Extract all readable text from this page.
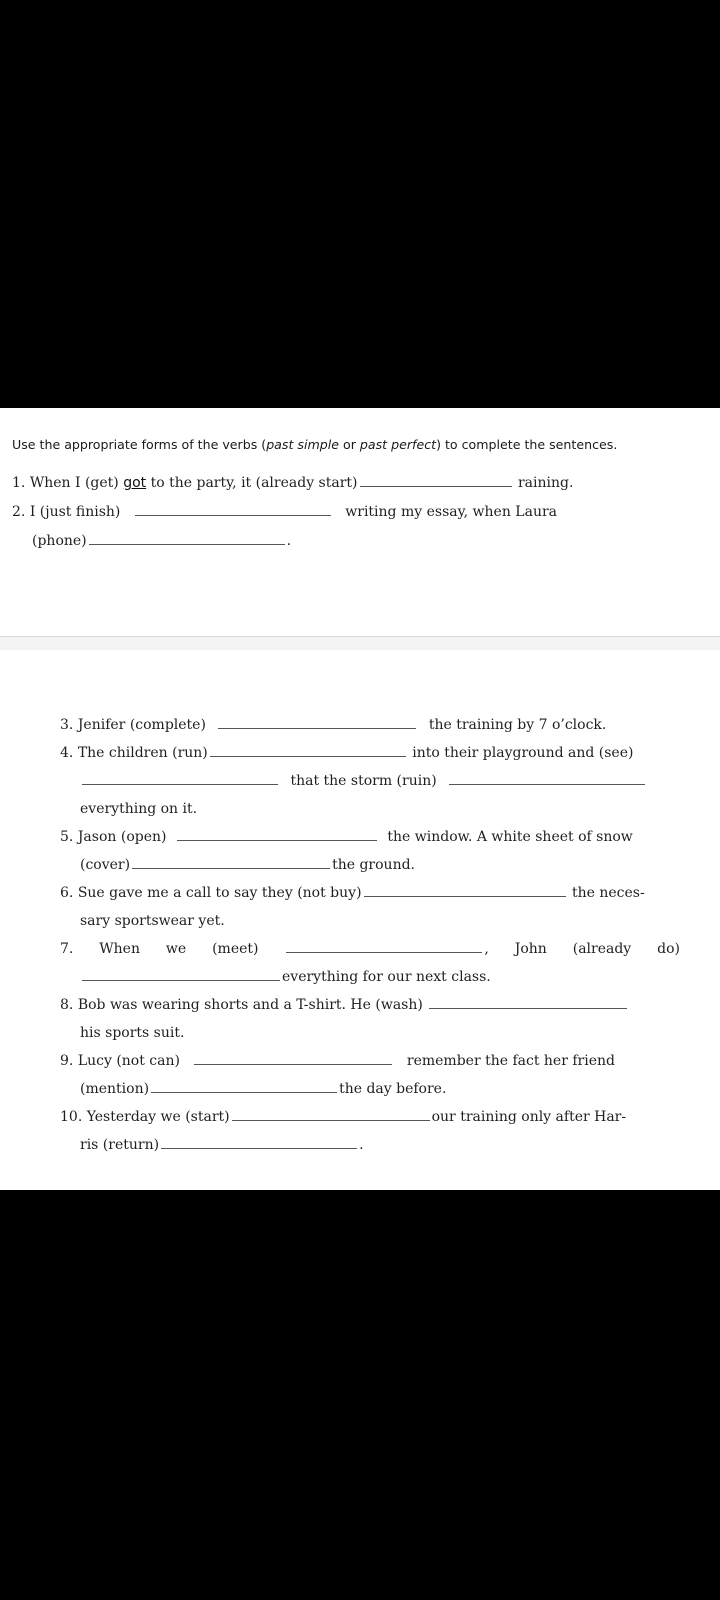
Use the appropriate forms of the verbs (past simple or past perfect) to complete the sentences.
1. When I (get) got to the party, it (already start)	raining.
2. I (just finish)	writing my essay, when Laura
(phone)	.
3. Jenifer (complete)	the training by 7 o’clock.
4. The children (run)	into their playground and (see)
that the storm (ruin)
everything on it.
5. Jason (open)	the window. A white sheet of snow
(cover)	the ground.
6. Sue gave me a call to say they (not buy)	the neces-
sary sportswear yet.
7. When we (meet)	, John (already do)
everything for our next class.
8. Bob was wearing shorts and a T-shirt. He (wash)
his sports suit.
9. Lucy (not can)	remember the fact her friend
(mention)	the day before.
10. Yesterday we (start)	our training only after Har-
ris (return)	.
